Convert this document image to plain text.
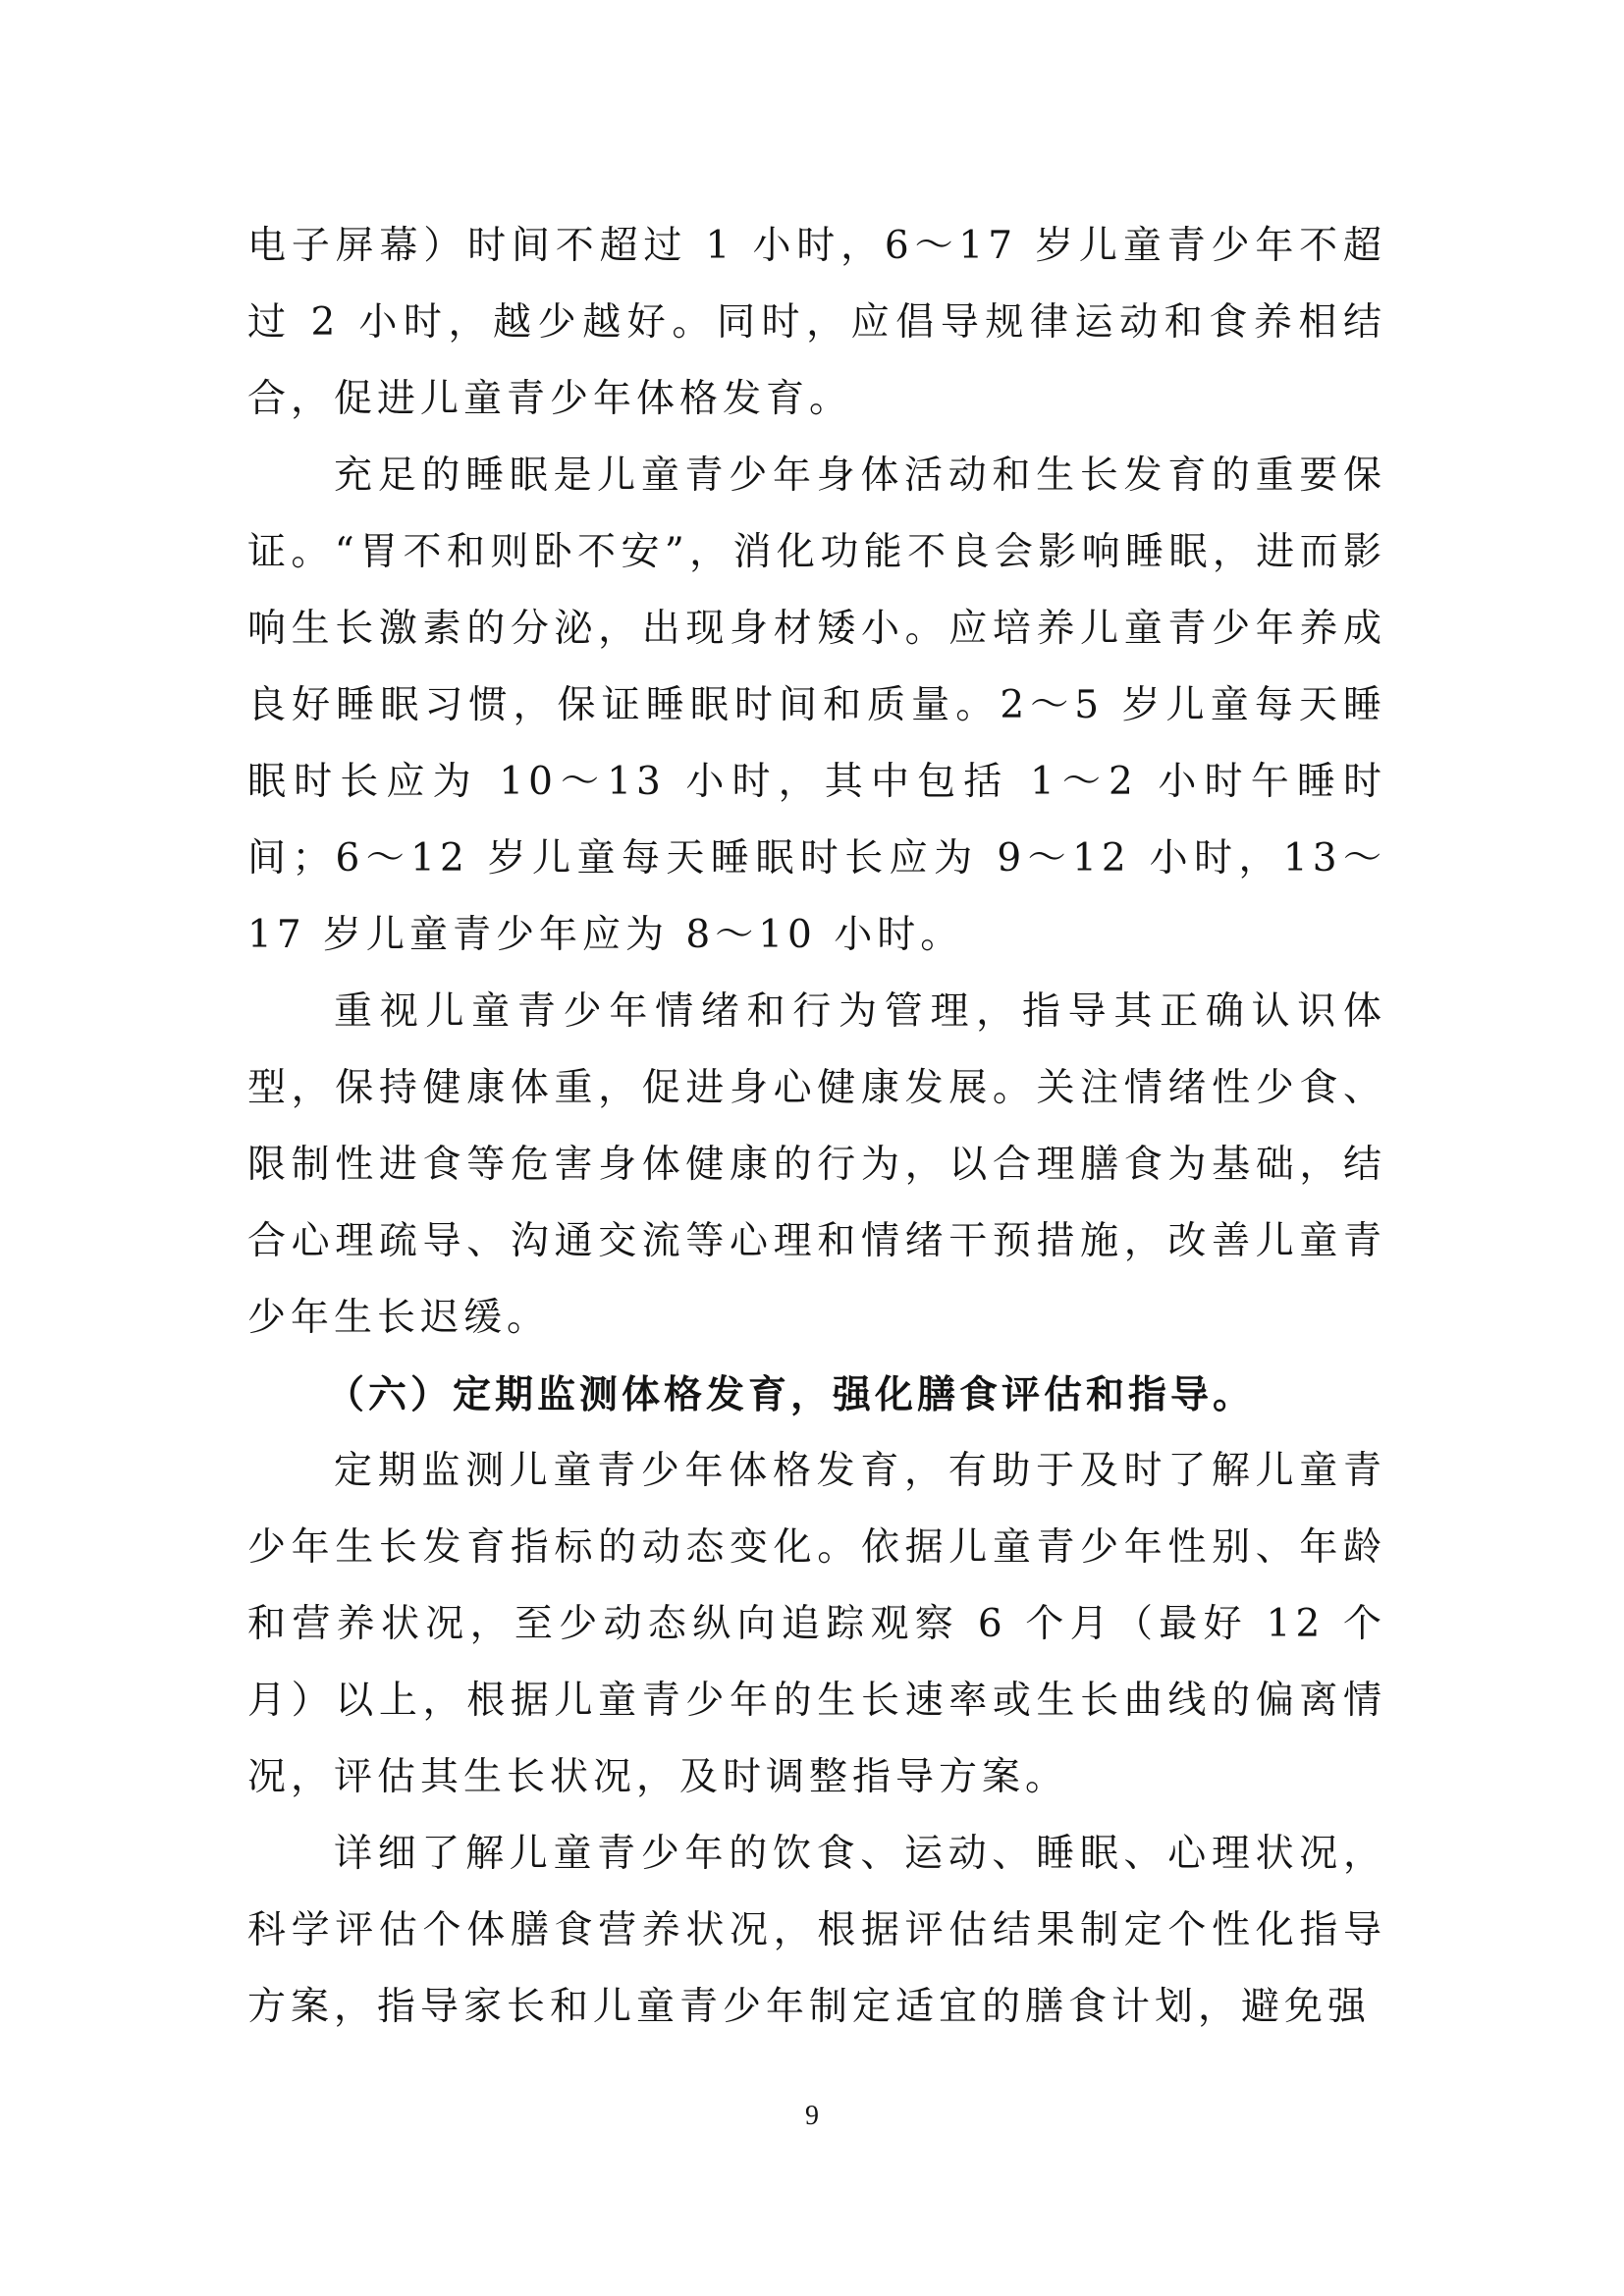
电子屏幕）时间不超过 1 小时，6～17 岁儿童青少年不超过 2 小时，越少越好。同时，应倡导规律运动和食养相结合，促进儿童青少年体格发育。

充足的睡眠是儿童青少年身体活动和生长发育的重要保证。“胃不和则卧不安”，消化功能不良会影响睡眠，进而影响生长激素的分泌，出现身材矮小。应培养儿童青少年养成良好睡眠习惯，保证睡眠时间和质量。2～5 岁儿童每天睡眠时长应为 10～13 小时，其中包括 1～2 小时午睡时间；6～12 岁儿童每天睡眠时长应为 9～12 小时，13～17 岁儿童青少年应为 8～10 小时。

重视儿童青少年情绪和行为管理，指导其正确认识体型，保持健康体重，促进身心健康发展。关注情绪性少食、限制性进食等危害身体健康的行为，以合理膳食为基础，结合心理疏导、沟通交流等心理和情绪干预措施，改善儿童青少年生长迟缓。

（六）定期监测体格发育，强化膳食评估和指导。

定期监测儿童青少年体格发育，有助于及时了解儿童青少年生长发育指标的动态变化。依据儿童青少年性别、年龄和营养状况，至少动态纵向追踪观察 6 个月（最好 12 个月）以上，根据儿童青少年的生长速率或生长曲线的偏离情况，评估其生长状况，及时调整指导方案。

详细了解儿童青少年的饮食、运动、睡眠、心理状况，科学评估个体膳食营养状况，根据评估结果制定个性化指导方案，指导家长和儿童青少年制定适宜的膳食计划，避免强

9
